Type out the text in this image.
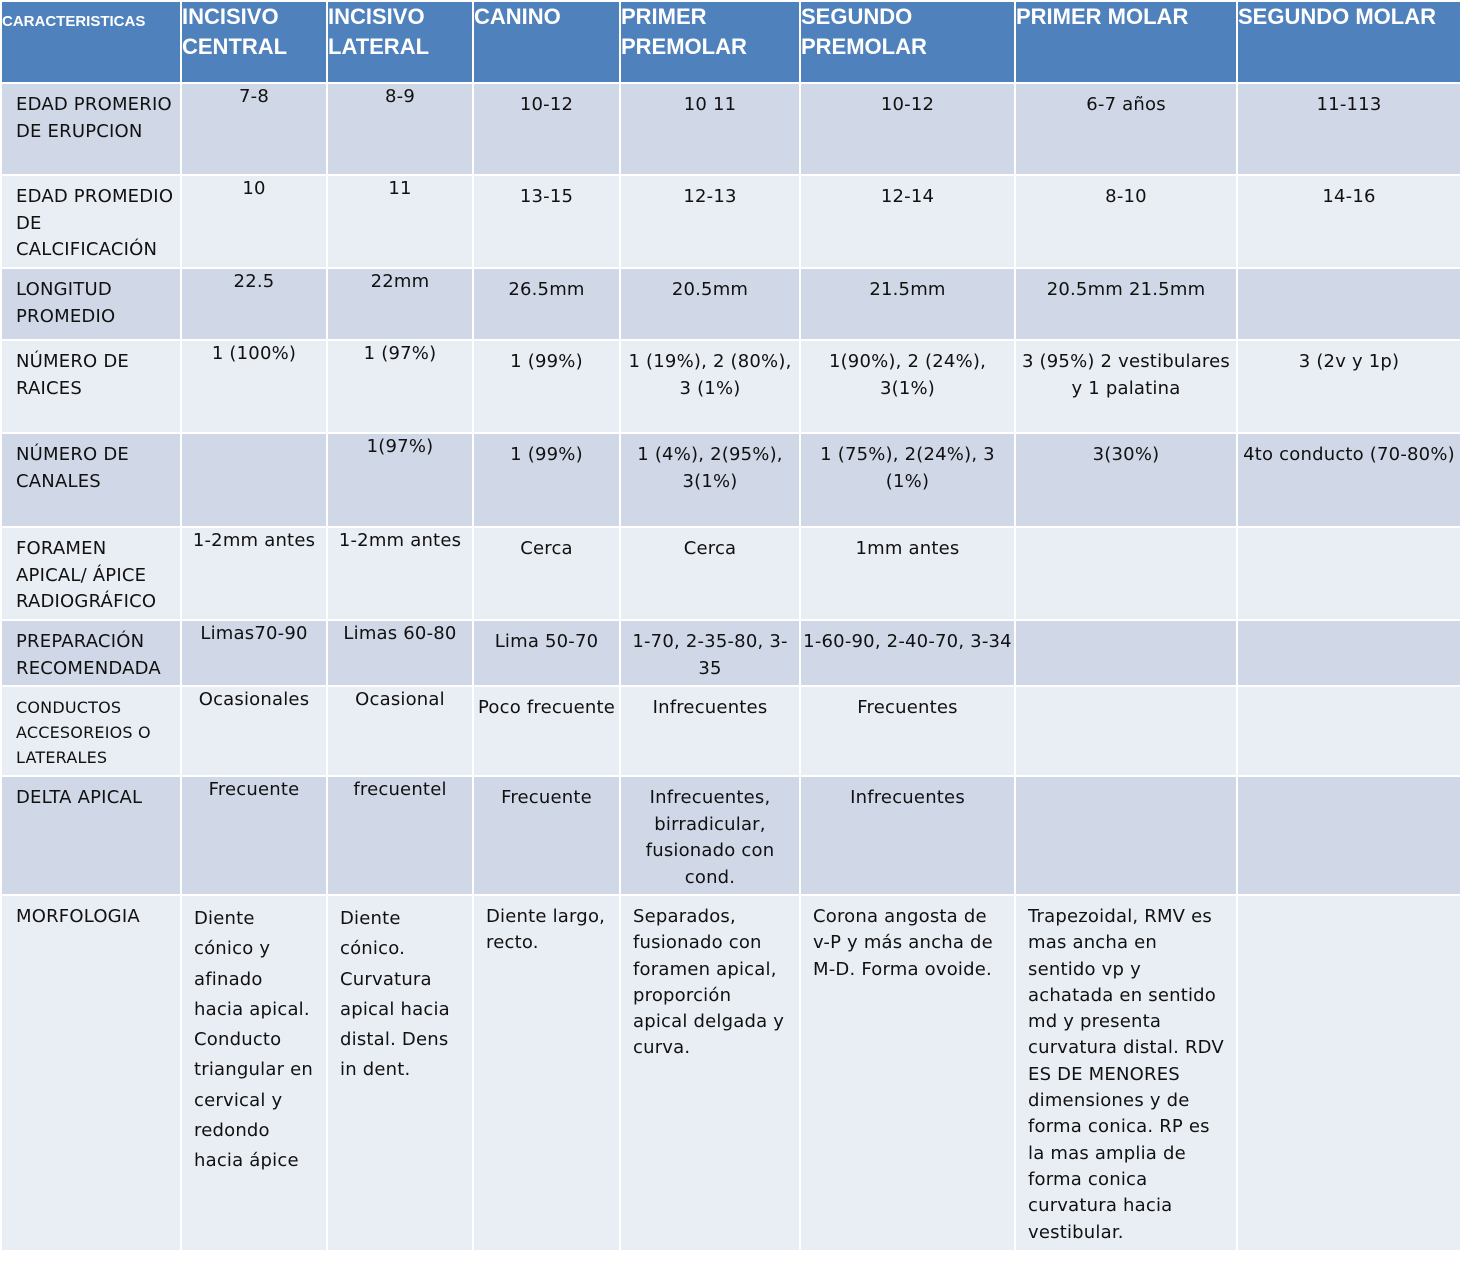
CARACTERISTICAS	INCISIVO CENTRAL	INCISIVO LATERAL	CANINO	PRIMER PREMOLAR	SEGUNDO PREMOLAR	PRIMER MOLAR	SEGUNDO MOLAR
EDAD PROMERIO DE ERUPCION	7-8	8-9	10-12	10 11	10-12	6-7 años	11-113
EDAD PROMEDIO DE CALCIFICACIÓN	10	11	13-15	12-13	12-14	8-10	14-16
LONGITUD PROMEDIO	22.5	22mm	26.5mm	20.5mm	21.5mm	20.5mm 21.5mm	
NÚMERO DE RAICES	1 (100%)	1 (97%)	1 (99%)	1 (19%), 2 (80%), 3 (1%)	1(90%), 2 (24%), 3(1%)	3 (95%) 2 vestibulares y 1 palatina	3 (2v y 1p)
NÚMERO DE CANALES		1(97%)	1 (99%)	1 (4%), 2(95%), 3(1%)	1 (75%), 2(24%), 3 (1%)	3(30%)	4to conducto (70-80%)
FORAMEN APICAL/ ÁPICE RADIOGRÁFICO	1-2mm antes	1-2mm antes	Cerca	Cerca	1mm antes		
PREPARACIÓN RECOMENDADA	Limas70-90	Limas 60-80	Lima 50-70	1-70, 2-35-80, 3-35	1-60-90, 2-40-70, 3-34		
CONDUCTOS ACCESOREIOS O LATERALES	Ocasionales	Ocasional	Poco frecuente	Infrecuentes	Frecuentes		
DELTA APICAL	Frecuente	frecuentel	Frecuente	Infrecuentes, birradicular, fusionado con cond.	Infrecuentes		
MORFOLOGIA	Diente cónico y afinado hacia apical. Conducto triangular en cervical y redondo hacia ápice	Diente cónico. Curvatura apical hacia distal. Dens in dent.	Diente largo, recto.	Separados, fusionado con foramen apical, proporción apical delgada y curva.	Corona angosta de v-P y más ancha de M-D. Forma ovoide.	Trapezoidal, RMV es mas ancha en sentido vp y achatada en sentido md y presenta curvatura distal. RDV ES DE MENORES dimensiones y de forma conica. RP es la mas amplia de forma conica curvatura hacia vestibular.	
